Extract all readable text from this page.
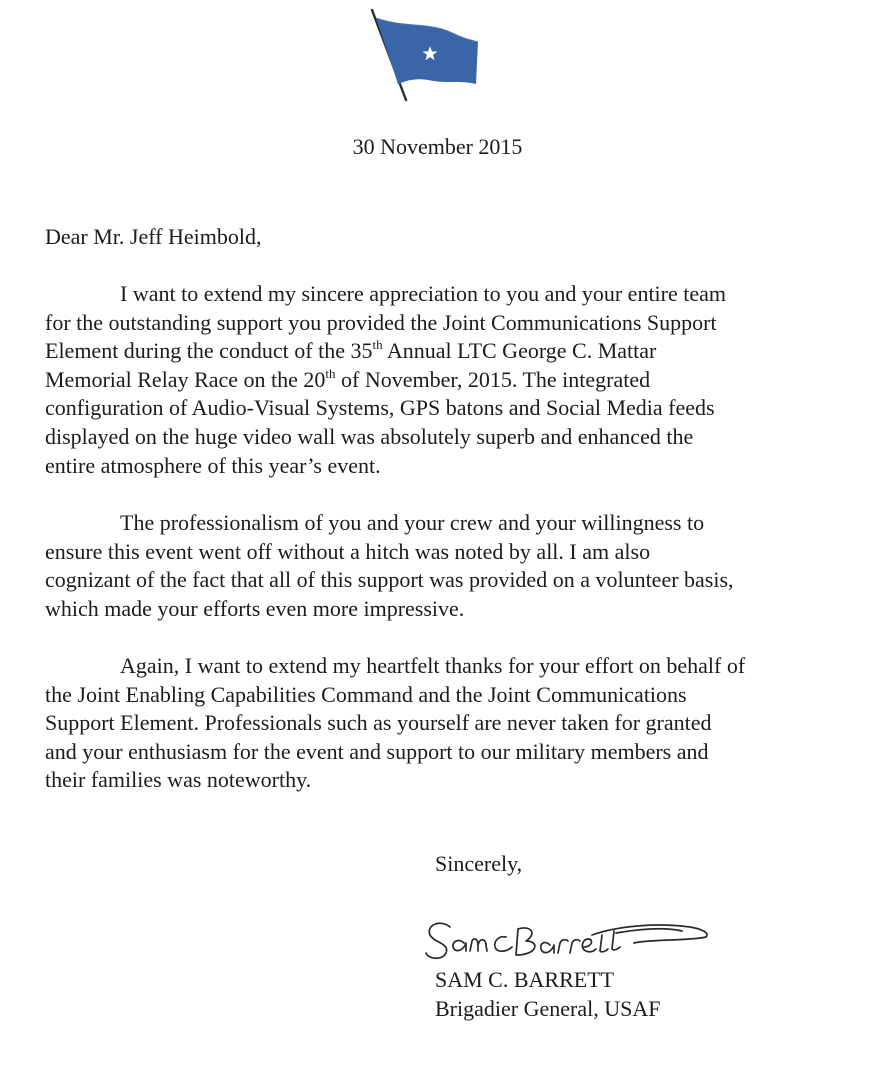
30 November 2015
Dear Mr. Jeff Heimbold,
I want to extend my sincere appreciation to you and your entire team
for the outstanding support you provided the Joint Communications Support
Element during the conduct of the 35th Annual LTC George C. Mattar
Memorial Relay Race on the 20th of November, 2015. The integrated
configuration of Audio-Visual Systems, GPS batons and Social Media feeds
displayed on the huge video wall was absolutely superb and enhanced the
entire atmosphere of this year’s event.
The professionalism of you and your crew and your willingness to
ensure this event went off without a hitch was noted by all. I am also
cognizant of the fact that all of this support was provided on a volunteer basis,
which made your efforts even more impressive.
Again, I want to extend my heartfelt thanks for your effort on behalf of
the Joint Enabling Capabilities Command and the Joint Communications
Support Element. Professionals such as yourself are never taken for granted
and your enthusiasm for the event and support to our military members and
their families was noteworthy.
Sincerely,
SAM C. BARRETT
Brigadier General, USAF
